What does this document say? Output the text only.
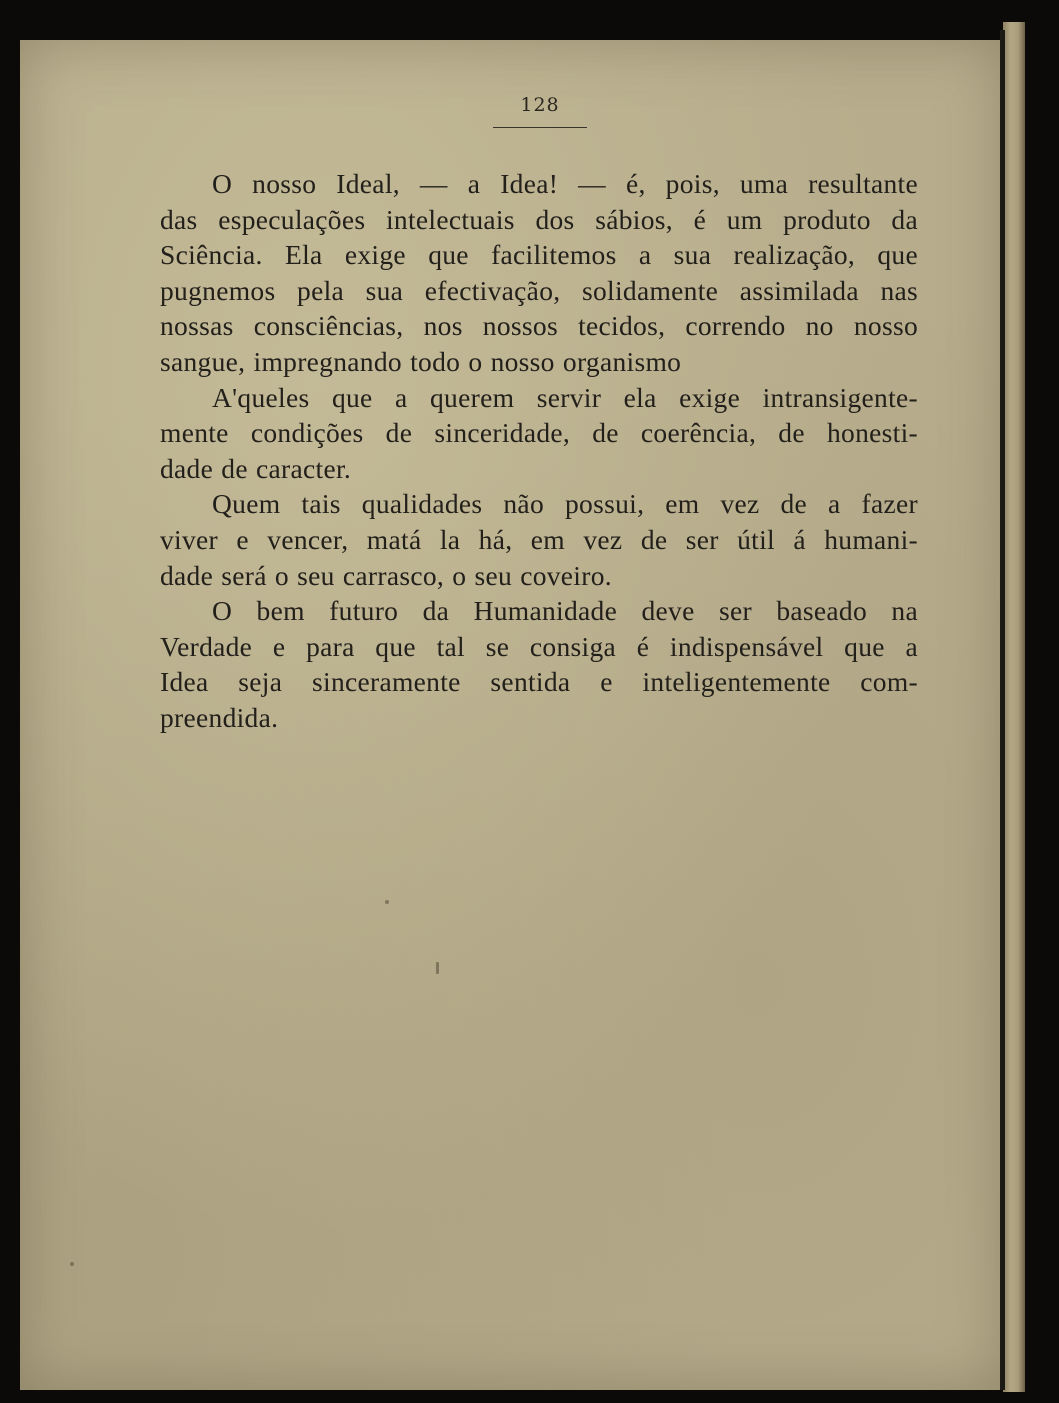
128
O nosso Ideal, — a Idea! — é, pois, uma resultante
das especulações intelectuais dos sábios, é um produto da
Sciência. Ela exige que facilitemos a sua realização, que
pugnemos pela sua efectivação, solidamente assimilada nas
nossas consciências, nos nossos tecidos, correndo no nosso
sangue, impregnando todo o nosso organismo
A'queles que a querem servir ela exige intransigente-
mente condições de sinceridade, de coerência, de honesti-
dade de caracter.
Quem tais qualidades não possui, em vez de a fazer
viver e vencer, matá la há, em vez de ser útil á humani-
dade será o seu carrasco, o seu coveiro.
O bem futuro da Humanidade deve ser baseado na
Verdade e para que tal se consiga é indispensável que a
Idea seja sinceramente sentida e inteligentemente com-
preendida.
